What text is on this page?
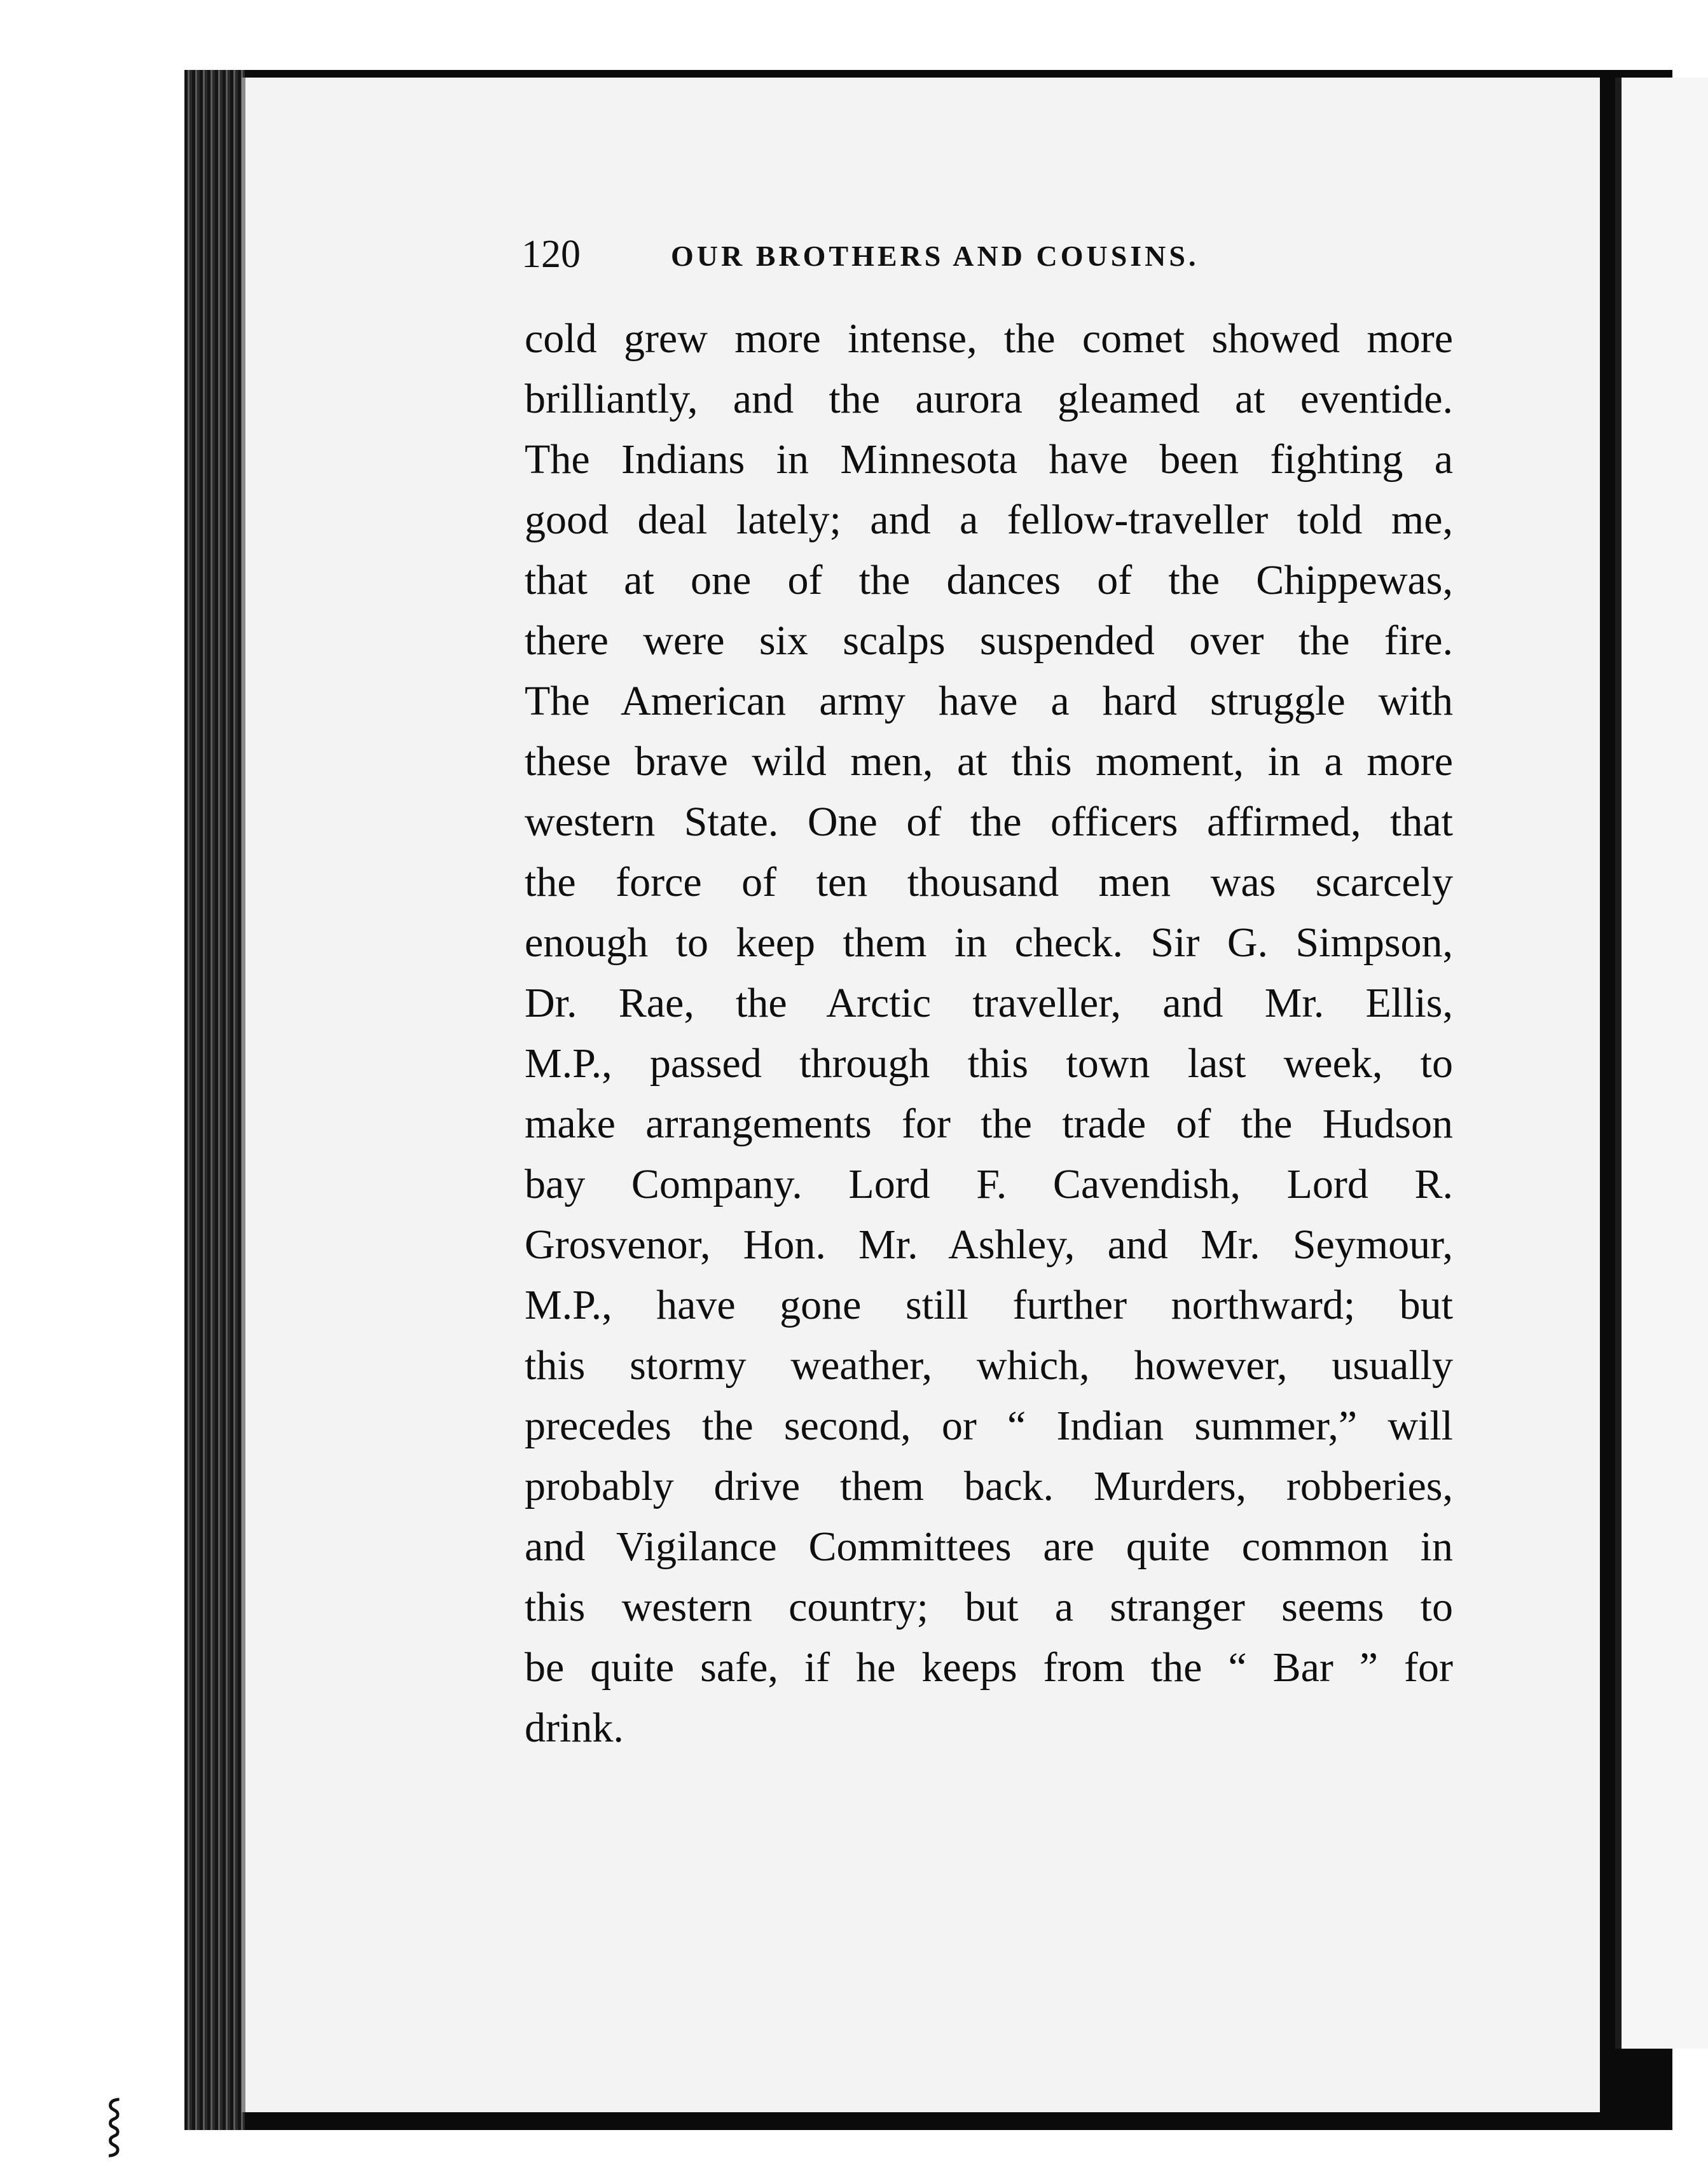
120	OUR BROTHERS AND COUSINS.
cold grew more intense, the comet showed more
brilliantly, and the aurora gleamed at eventide.
The Indians in Minnesota have been fighting a
good deal lately; and a fellow-traveller told me,
that at one of the dances of the Chippewas,
there were six scalps suspended over the fire.
The American army have a hard struggle with
these brave wild men, at this moment, in a more
western State. One of the officers affirmed, that
the force of ten thousand men was scarcely
enough to keep them in check. Sir G. Simpson,
Dr. Rae, the Arctic traveller, and Mr. Ellis,
M.P., passed through this town last week, to
make arrangements for the trade of the Hudson
bay Company. Lord F. Cavendish, Lord R.
Grosvenor, Hon. Mr. Ashley, and Mr. Seymour,
M.P., have gone still further northward; but
this stormy weather, which, however, usually
precedes the second, or “ Indian summer,” will
probably drive them back. Murders, robberies,
and Vigilance Committees are quite common in
this western country; but a stranger seems to
be quite safe, if he keeps from the “ Bar ” for
drink.
⸾
